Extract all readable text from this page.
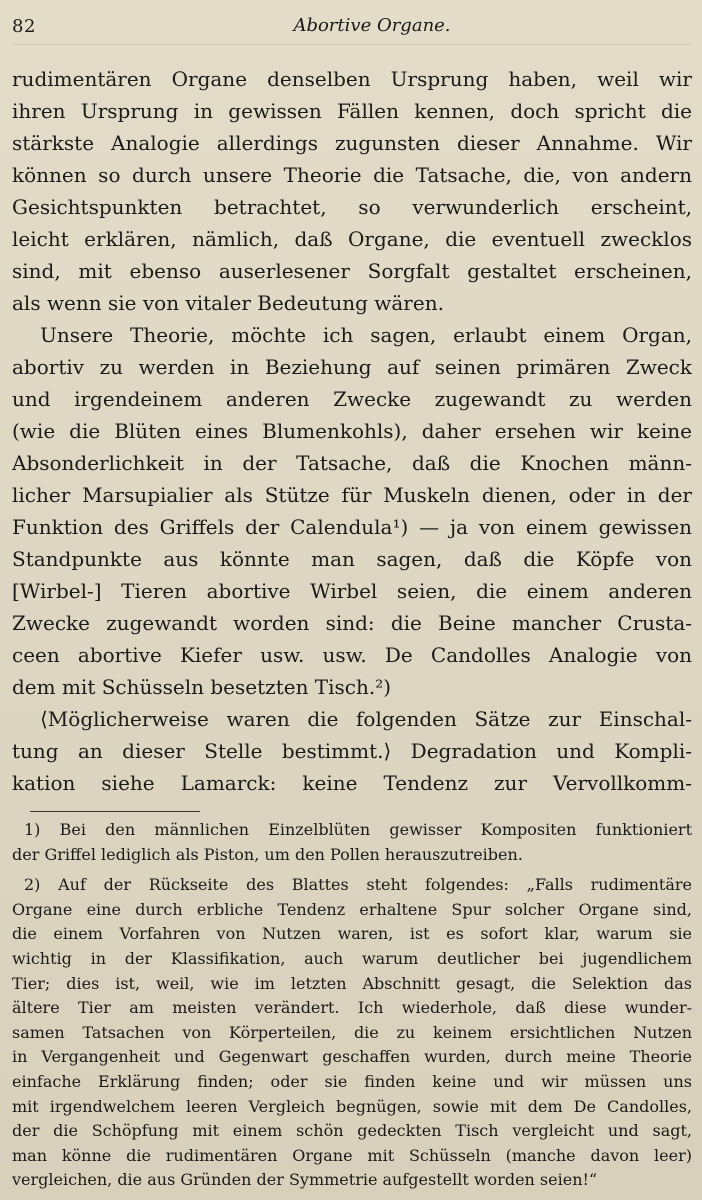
82	Abortive Organe.
rudimentären Organe denselben Ursprung haben, weil wir
ihren Ursprung in gewissen Fällen kennen, doch spricht die
stärkste Analogie allerdings zugunsten dieser Annahme. Wir
können so durch unsere Theorie die Tatsache, die, von andern
Gesichtspunkten betrachtet, so verwunderlich erscheint,
leicht erklären, nämlich, daß Organe, die eventuell zwecklos
sind, mit ebenso auserlesener Sorgfalt gestaltet erscheinen,
als wenn sie von vitaler Bedeutung wären.
Unsere Theorie, möchte ich sagen, erlaubt einem Organ,
abortiv zu werden in Beziehung auf seinen primären Zweck
und irgendeinem anderen Zwecke zugewandt zu werden
(wie die Blüten eines Blumenkohls), daher ersehen wir keine
Absonderlichkeit in der Tatsache, daß die Knochen männ-
licher Marsupialier als Stütze für Muskeln dienen, oder in der
Funktion des Griffels der Calendula¹) — ja von einem gewissen
Standpunkte aus könnte man sagen, daß die Köpfe von
[Wirbel-] Tieren abortive Wirbel seien, die einem anderen
Zwecke zugewandt worden sind: die Beine mancher Crusta-
ceen abortive Kiefer usw. usw. De Candolles Analogie von
dem mit Schüsseln besetzten Tisch.²)
⟨Möglicherweise waren die folgenden Sätze zur Einschal-
tung an dieser Stelle bestimmt.⟩ Degradation und Kompli-
kation siehe Lamarck: keine Tendenz zur Vervollkomm-
1) Bei den männlichen Einzelblüten gewisser Kompositen funktioniert
der Griffel lediglich als Piston, um den Pollen herauszutreiben.
2) Auf der Rückseite des Blattes steht folgendes: „Falls rudimentäre
Organe eine durch erbliche Tendenz erhaltene Spur solcher Organe sind,
die einem Vorfahren von Nutzen waren, ist es sofort klar, warum sie
wichtig in der Klassifikation, auch warum deutlicher bei jugendlichem
Tier; dies ist, weil, wie im letzten Abschnitt gesagt, die Selektion das
ältere Tier am meisten verändert. Ich wiederhole, daß diese wunder-
samen Tatsachen von Körperteilen, die zu keinem ersichtlichen Nutzen
in Vergangenheit und Gegenwart geschaffen wurden, durch meine Theorie
einfache Erklärung finden; oder sie finden keine und wir müssen uns
mit irgendwelchem leeren Vergleich begnügen, sowie mit dem De Candolles,
der die Schöpfung mit einem schön gedeckten Tisch vergleicht und sagt,
man könne die rudimentären Organe mit Schüsseln (manche davon leer)
vergleichen, die aus Gründen der Symmetrie aufgestellt worden seien!“
